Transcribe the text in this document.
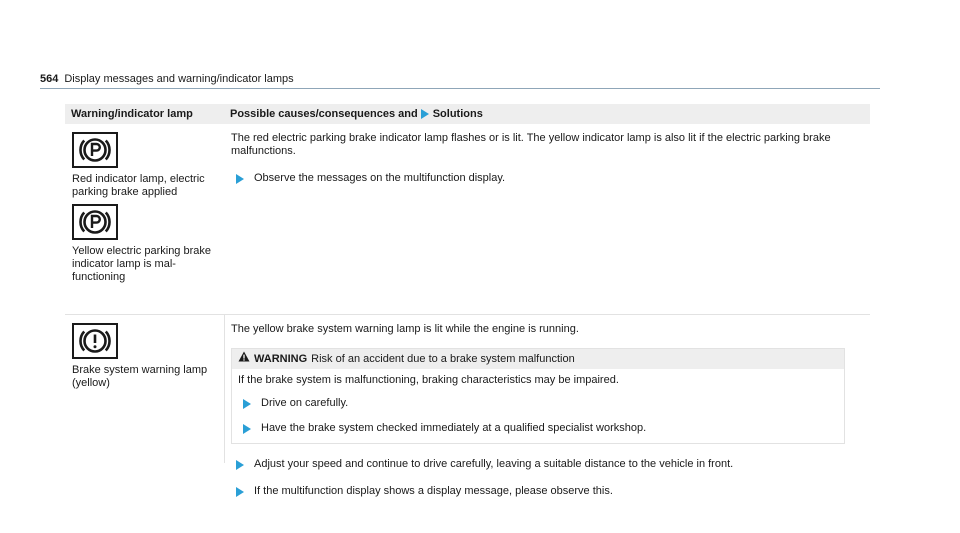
564 Display messages and warning/indicator lamps
Warning/indicator lamp	Possible causes/consequences and Solutions
Red indicator lamp, electric parking brake applied
Yellow electric parking brake indicator lamp is mal-functioning

The red electric parking brake indicator lamp flashes or is lit. The yellow indicator lamp is also lit if the electric parking brake malfunctions.

Observe the messages on the multifunction display.
Brake system warning lamp (yellow)

The yellow brake system warning lamp is lit while the engine is running.

WARNING Risk of an accident due to a brake system malfunction

If the brake system is malfunctioning, braking characteristics may be impaired.

Drive on carefully.
Have the brake system checked immediately at a qualified specialist workshop.
Adjust your speed and continue to drive carefully, leaving a suitable distance to the vehicle in front.
If the multifunction display shows a display message, please observe this.
